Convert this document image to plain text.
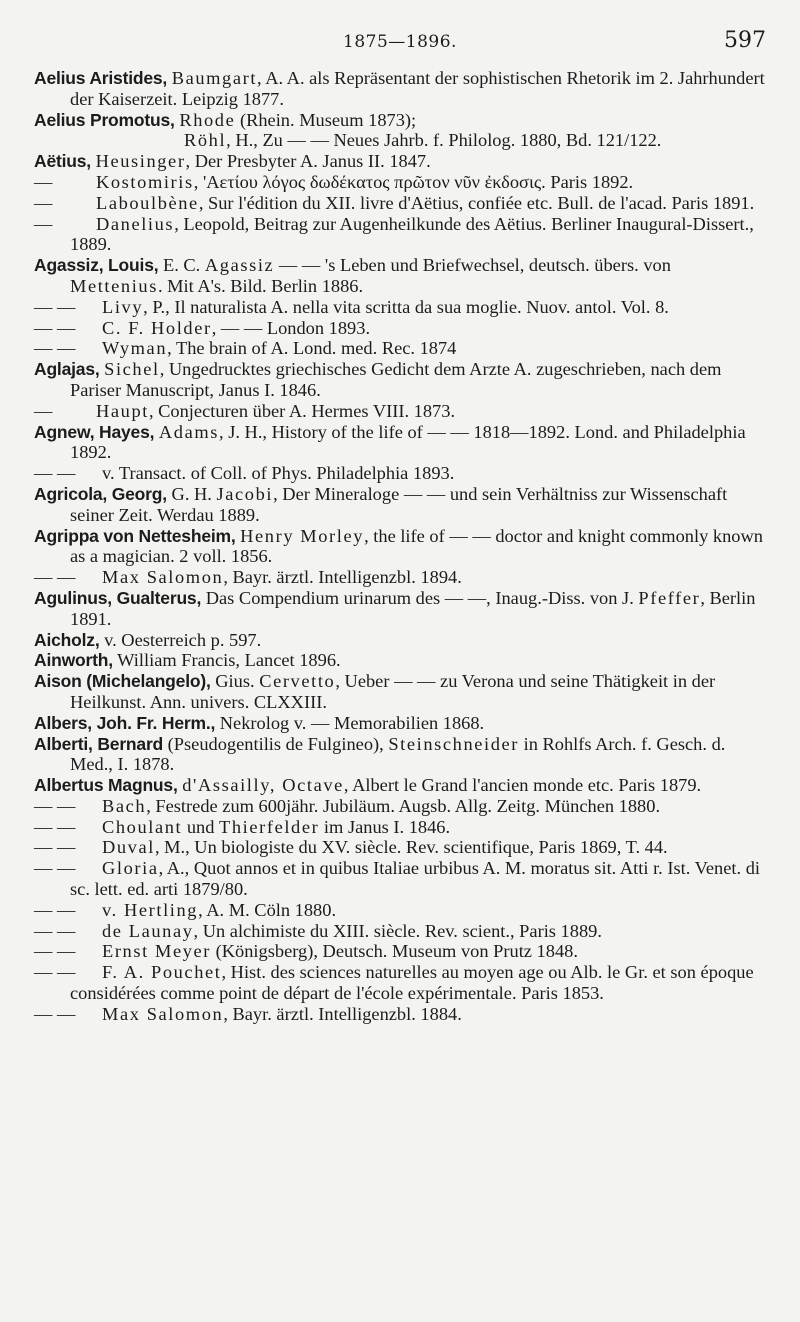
1875—1896.	597

Aelius Aristides, Baumgart, A. A. als Repräsentant der sophistischen Rhetorik im 2. Jahrhundert der Kaiserzeit. Leipzig 1877.

Aelius Promotus, Rhode (Rhein. Museum 1873);

Röhl, H., Zu — — Neues Jahrb. f. Philolog. 1880, Bd. 121/122.

Aëtius, Heusinger, Der Presbyter A. Janus II. 1847.

— Kostomiris, 'Αετίου λόγος δωδέκατος πρῶτον νῦν ἐκδοσις. Paris 1892.

— Laboulbène, Sur l'édition du XII. livre d'Aëtius, confiée etc. Bull. de l'acad. Paris 1891.

— Danelius, Leopold, Beitrag zur Augenheilkunde des Aëtius. Berliner Inaugural-Dissert., 1889.

Agassiz, Louis, E. C. Agassiz — — 's Leben und Briefwechsel, deutsch. übers. von Mettenius. Mit A's. Bild. Berlin 1886.

— — Livy, P., Il naturalista A. nella vita scritta da sua moglie. Nuov. antol. Vol. 8.

— — C. F. Holder, — — London 1893.

— — Wyman, The brain of A. Lond. med. Rec. 1874

Aglajas, Sichel, Ungedrucktes griechisches Gedicht dem Arzte A. zugeschrieben, nach dem Pariser Manuscript, Janus I. 1846.

— Haupt, Conjecturen über A. Hermes VIII. 1873.

Agnew, Hayes, Adams, J. H., History of the life of — — 1818—1892. Lond. and Philadelphia 1892.

— — v. Transact. of Coll. of Phys. Philadelphia 1893.

Agricola, Georg, G. H. Jacobi, Der Mineraloge — — und sein Verhältniss zur Wissenschaft seiner Zeit. Werdau 1889.

Agrippa von Nettesheim, Henry Morley, the life of — — doctor and knight commonly known as a magician. 2 voll. 1856.

— — Max Salomon, Bayr. ärztl. Intelligenzbl. 1894.

Agulinus, Gualterus, Das Compendium urinarum des — —, Inaug.-Diss. von J. Pfeffer, Berlin 1891.

Aicholz, v. Oesterreich p. 597.

Ainworth, William Francis, Lancet 1896.

Aison (Michelangelo), Gius. Cervetto, Ueber — — zu Verona und seine Thätigkeit in der Heilkunst. Ann. univers. CLXXIII.

Albers, Joh. Fr. Herm., Nekrolog v. — Memorabilien 1868.

Alberti, Bernard (Pseudogentilis de Fulgineo), Steinschneider in Rohlfs Arch. f. Gesch. d. Med., I. 1878.

Albertus Magnus, d'Assailly, Octave, Albert le Grand l'ancien monde etc. Paris 1879.

— — Bach, Festrede zum 600jähr. Jubiläum. Augsb. Allg. Zeitg. München 1880.

— — Choulant und Thierfelder im Janus I. 1846.

— — Duval, M., Un biologiste du XV. siècle. Rev. scientifique, Paris 1869, T. 44.

— — Gloria, A., Quot annos et in quibus Italiae urbibus A. M. moratus sit. Atti r. Ist. Venet. di sc. lett. ed. arti 1879/80.

— — v. Hertling, A. M. Cöln 1880.

— — de Launay, Un alchimiste du XIII. siècle. Rev. scient., Paris 1889.

— — Ernst Meyer (Königsberg), Deutsch. Museum von Prutz 1848.

— — F. A. Pouchet, Hist. des sciences naturelles au moyen age ou Alb. le Gr. et son époque considérées comme point de départ de l'école expérimentale. Paris 1853.

— — Max Salomon, Bayr. ärztl. Intelligenzbl. 1884.
